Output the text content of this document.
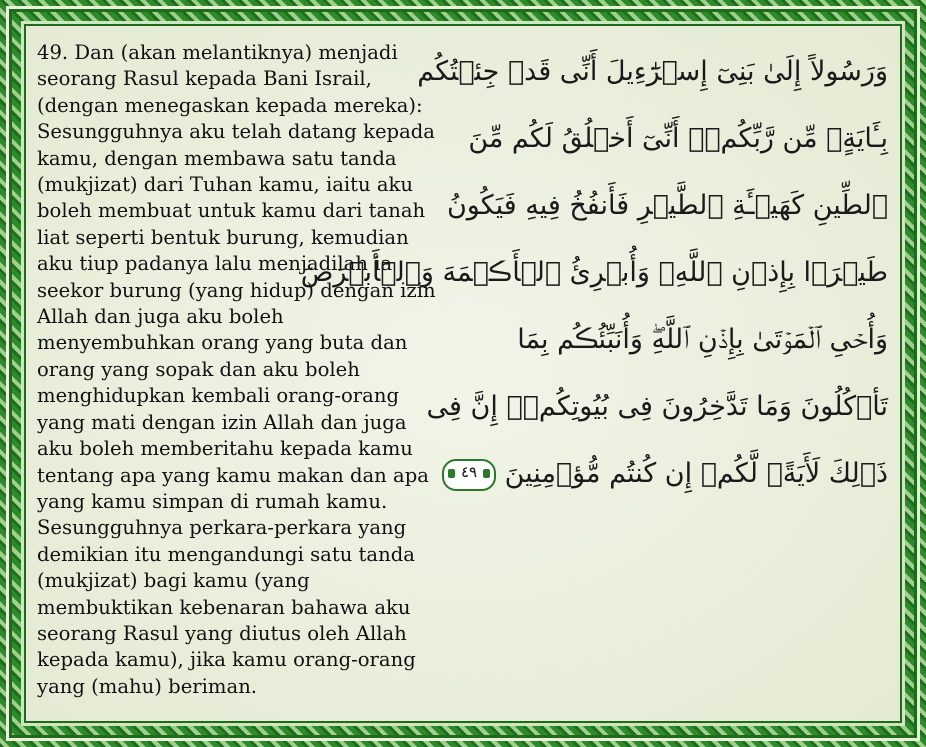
49. Dan (akan melantiknya) menjadi
seorang Rasul kepada Bani Israil,
(dengan menegaskan kepada mereka):
Sesungguhnya aku telah datang kepada
kamu, dengan membawa satu tanda
(mukjizat) dari Tuhan kamu, iaitu aku
boleh membuat untuk kamu dari tanah
liat seperti bentuk burung, kemudian
aku tiup padanya lalu menjadilah ia
seekor burung (yang hidup) dengan izin
Allah dan juga aku boleh
menyembuhkan orang yang buta dan
orang yang sopak dan aku boleh
menghidupkan kembali orang-orang
yang mati dengan izin Allah dan juga
aku boleh memberitahu kepada kamu
tentang apa yang kamu makan dan apa
yang kamu simpan di rumah kamu.
Sesungguhnya perkara-perkara yang
demikian itu mengandungi satu tanda
(mukjizat) bagi kamu (yang
membuktikan kebenaran bahawa aku
seorang Rasul yang diutus oleh Allah
kepada kamu), jika kamu orang-orang
yang (mahu) beriman.
وَرَسُولاً إِلَىٰ بَنِىٓ إِسۡرَٰٓءِيلَ أَنِّى قَدۡ جِئۡتُكُم
بِـَٔايَةٍ۬ مِّن رَّبِّكُمۡ‌ۖ أَنِّىٓ أَخۡلُقُ لَكُم مِّنَ
ٱلطِّينِ كَهَيۡـَٔةِ ٱلطَّيۡرِ فَأَنفُخُ فِيهِ فَيَكُونُ
طَيۡرَۢا بِإِذۡنِ ٱللَّهِ‌ۖ وَأُبۡرِئُ ٱلۡأَڪۡمَهَ وَٱلۡأَبۡرَصَ
وَأُحۡىِ ٱلۡمَوۡتَىٰ بِإِذۡنِ ٱللَّهِ‌ۖ وَأُنَبِّئُڪُم بِمَا
تَأۡكُلُونَ وَمَا تَدَّخِرُونَ فِى بُيُوتِكُمۡ‌ۚ إِنَّ فِى
ذَٲلِكَ لَأَيَةً۬ لَّكُمۡ إِن كُنتُم مُّؤۡمِنِينَ
٤٩
